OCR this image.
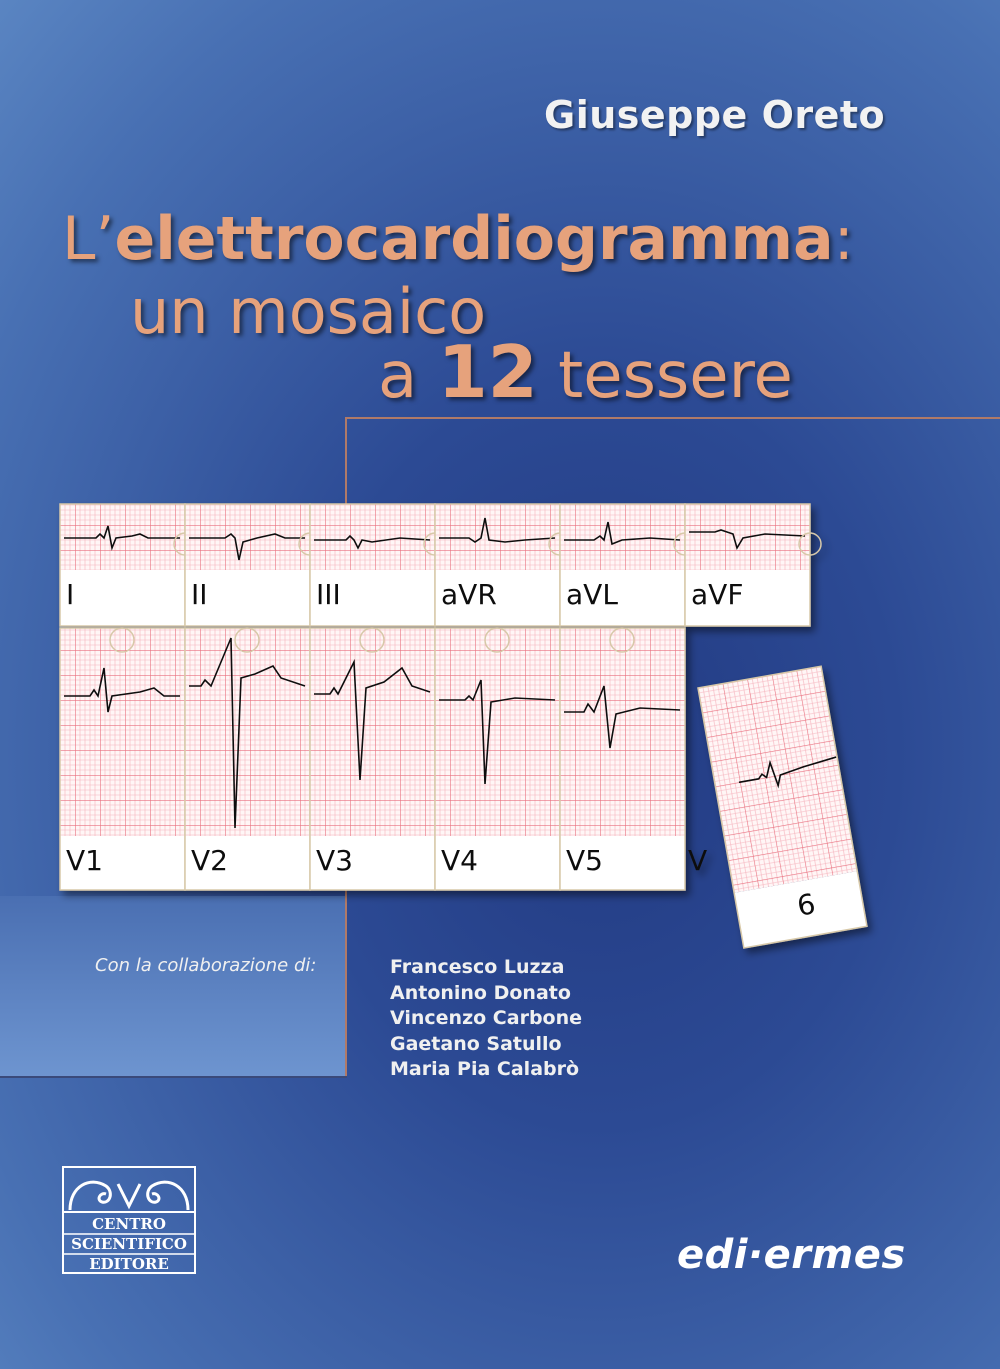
Giuseppe Oreto
L’elettrocardiogramma:
un mosaico
a 12 tessere
I	II	III	aVR aVL	aVF
V1	V2	V3	V4	V5	V
6
Con la collaborazione di:	Francesco Luzza
Antonino Donato
Vincenzo Carbone
Gaetano Satullo
Maria Pia Calabrò
CENTRO
SCIENTIFICO
EDITORE	edi·ermes
